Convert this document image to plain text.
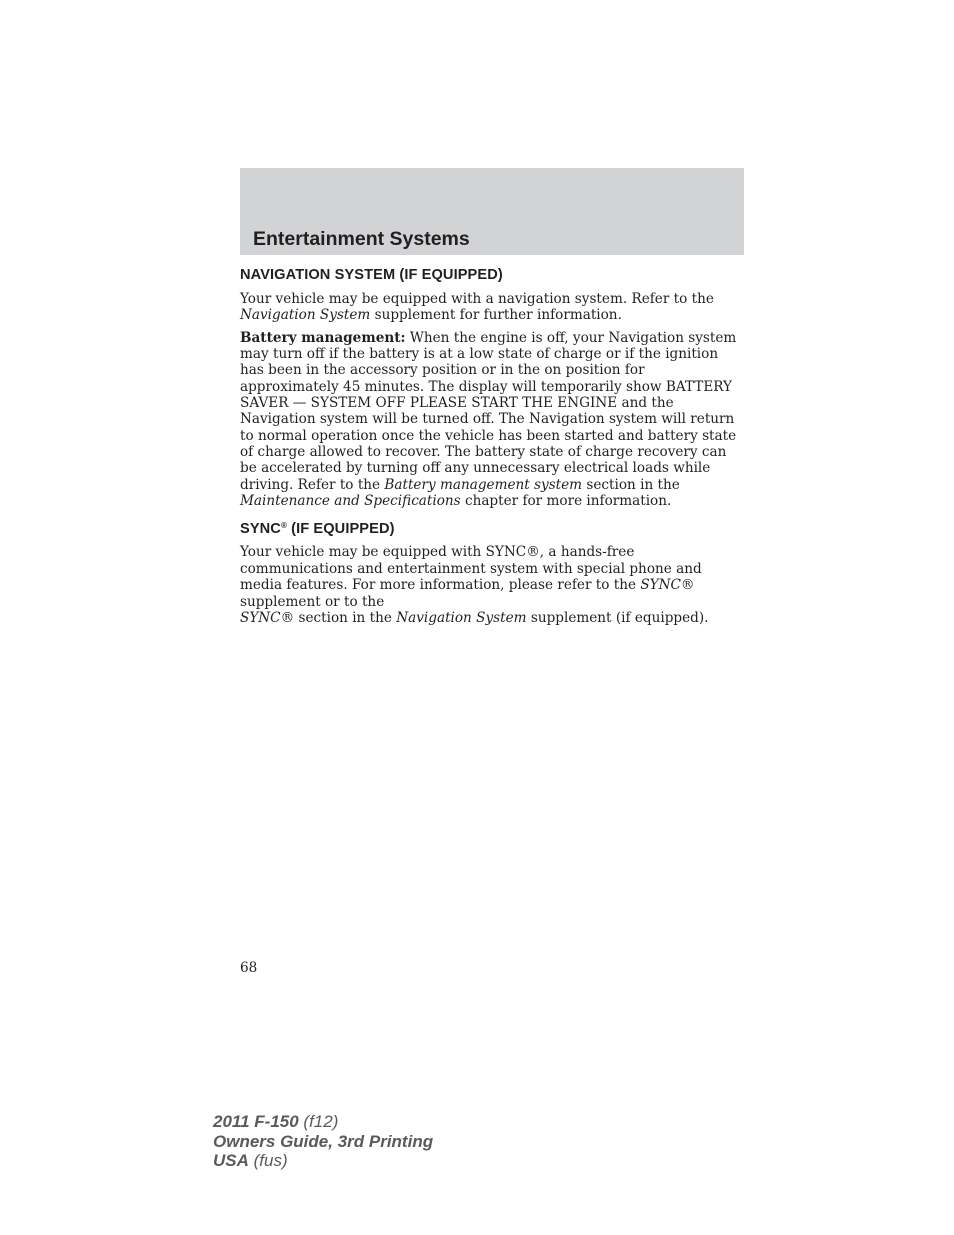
Entertainment Systems
NAVIGATION SYSTEM (IF EQUIPPED)

Your vehicle may be equipped with a navigation system. Refer to the
Navigation System supplement for further information.

Battery management: When the engine is off, your Navigation system may turn off if the battery is at a low state of charge or if the ignition has been in the accessory position or in the on position for approximately 45 minutes. The display will temporarily show BATTERY SAVER — SYSTEM OFF PLEASE START THE ENGINE and the Navigation system will be turned off. The Navigation system will return to normal operation once the vehicle has been started and battery state of charge allowed to recover. The battery state of charge recovery can be accelerated by turning off any unnecessary electrical loads while driving. Refer to the Battery management system section in the Maintenance and Specifications chapter for more information.

SYNC® (IF EQUIPPED)

Your vehicle may be equipped with SYNC®, a hands-free communications and entertainment system with special phone and media features. For more information, please refer to the SYNC® supplement or to the
SYNC® section in the Navigation System supplement (if equipped).

68

2011 F-150 (f12)
Owners Guide, 3rd Printing
USA (fus)
